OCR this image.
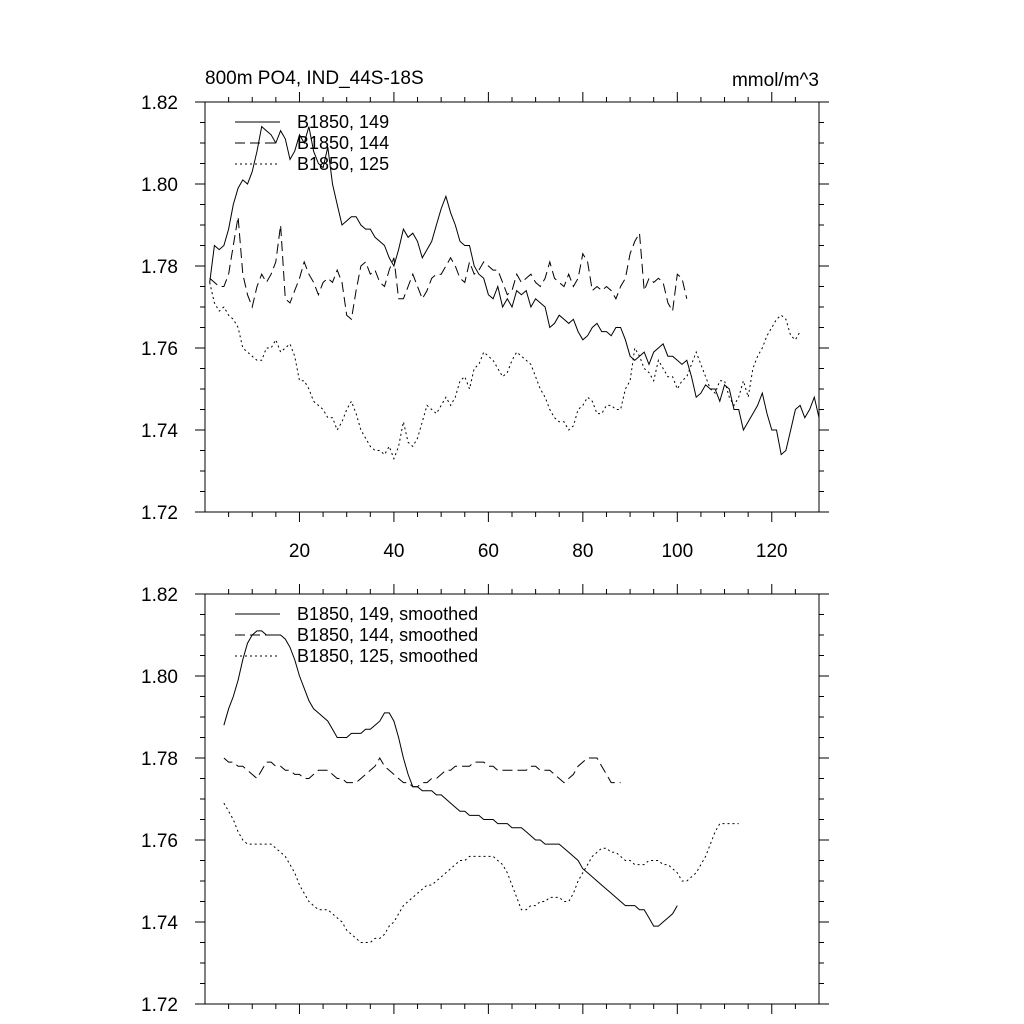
800m PO4, IND_44S-18S	mmol/m^3
1.72
1.74
1.76
1.78
1.80
1.82
20	40	60	80	100	120
B1850, 149
B1850, 144
B1850, 125
1.72
1.74
1.76
1.78
1.80
1.82
B1850, 149, smoothed
B1850, 144, smoothed
B1850, 125, smoothed
